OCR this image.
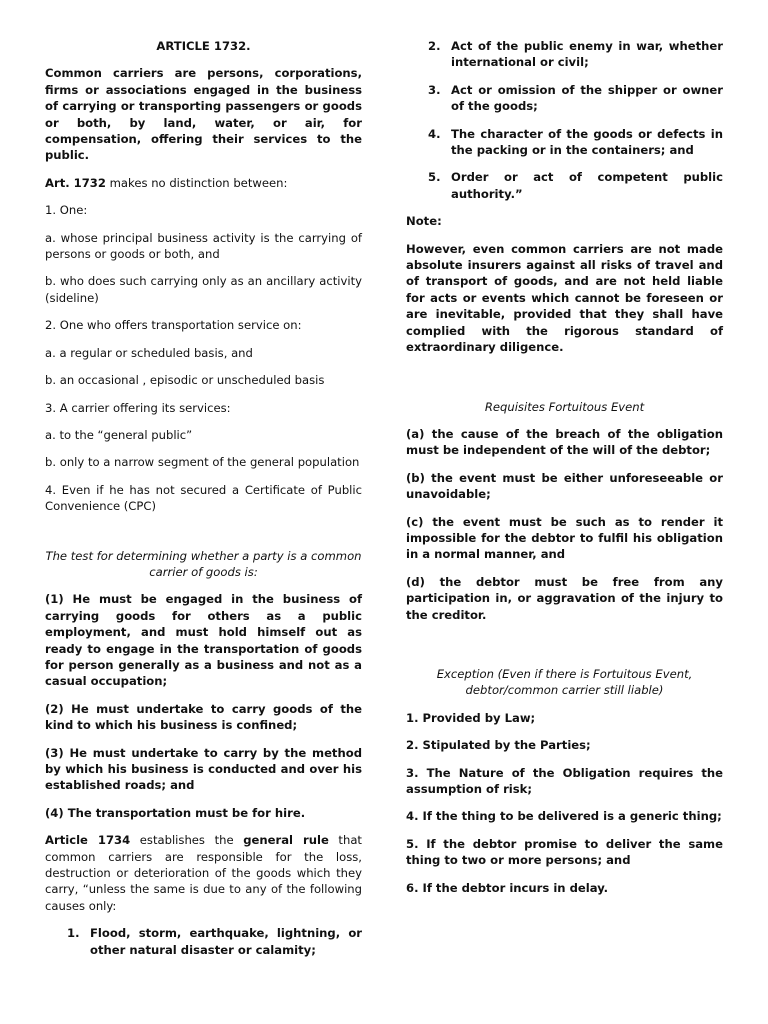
ARTICLE 1732.

Common carriers are persons, corporations, firms or associations engaged in the business of carrying or transporting passengers or goods or both, by land, water, or air, for compensation, offering their services to the public.

Art. 1732 makes no distinction between:

1. One:

a. whose principal business activity is the carrying of persons or goods or both, and

b. who does such carrying only as an ancillary activity (sideline)

2. One who offers transportation service on:

a. a regular or scheduled basis, and

b. an occasional , episodic or unscheduled basis

3. A carrier offering its services:

a. to the “general public”

b. only to a narrow segment of the general population

4. Even if he has not secured a Certificate of Public Convenience (CPC)

The test for determining whether a party is a common carrier of goods is:

(1) He must be engaged in the business of carrying goods for others as a public employment, and must hold himself out as ready to engage in the transportation of goods for person generally as a business and not as a casual occupation;

(2) He must undertake to carry goods of the kind to which his business is confined;

(3) He must undertake to carry by the method by which his business is conducted and over his established roads; and

(4) The transportation must be for hire.

Article 1734 establishes the general rule that common carriers are responsible for the loss, destruction or deterioration of the goods which they carry, “unless the same is due to any of the following causes only:

1. Flood, storm, earthquake, lightning, or other natural disaster or calamity;
2. Act of the public enemy in war, whether international or civil;
3. Act or omission of the shipper or owner of the goods;
4. The character of the goods or defects in the packing or in the containers; and
5. Order or act of competent public authority.”

Note:

However, even common carriers are not made absolute insurers against all risks of travel and of transport of goods, and are not held liable for acts or events which cannot be foreseen or are inevitable, provided that they shall have complied with the rigorous standard of extraordinary diligence.

Requisites Fortuitous Event

(a) the cause of the breach of the obligation must be independent of the will of the debtor;

(b) the event must be either unforeseeable or unavoidable;

(c) the event must be such as to render it impossible for the debtor to fulfil his obligation in a normal manner, and

(d) the debtor must be free from any participation in, or aggravation of the injury to the creditor.

Exception (Even if there is Fortuitous Event, debtor/common carrier still liable)

1. Provided by Law;

2. Stipulated by the Parties;

3. The Nature of the Obligation requires the assumption of risk;

4. If the thing to be delivered is a generic thing;

5. If the debtor promise to deliver the same thing to two or more persons; and

6. If the debtor incurs in delay.
